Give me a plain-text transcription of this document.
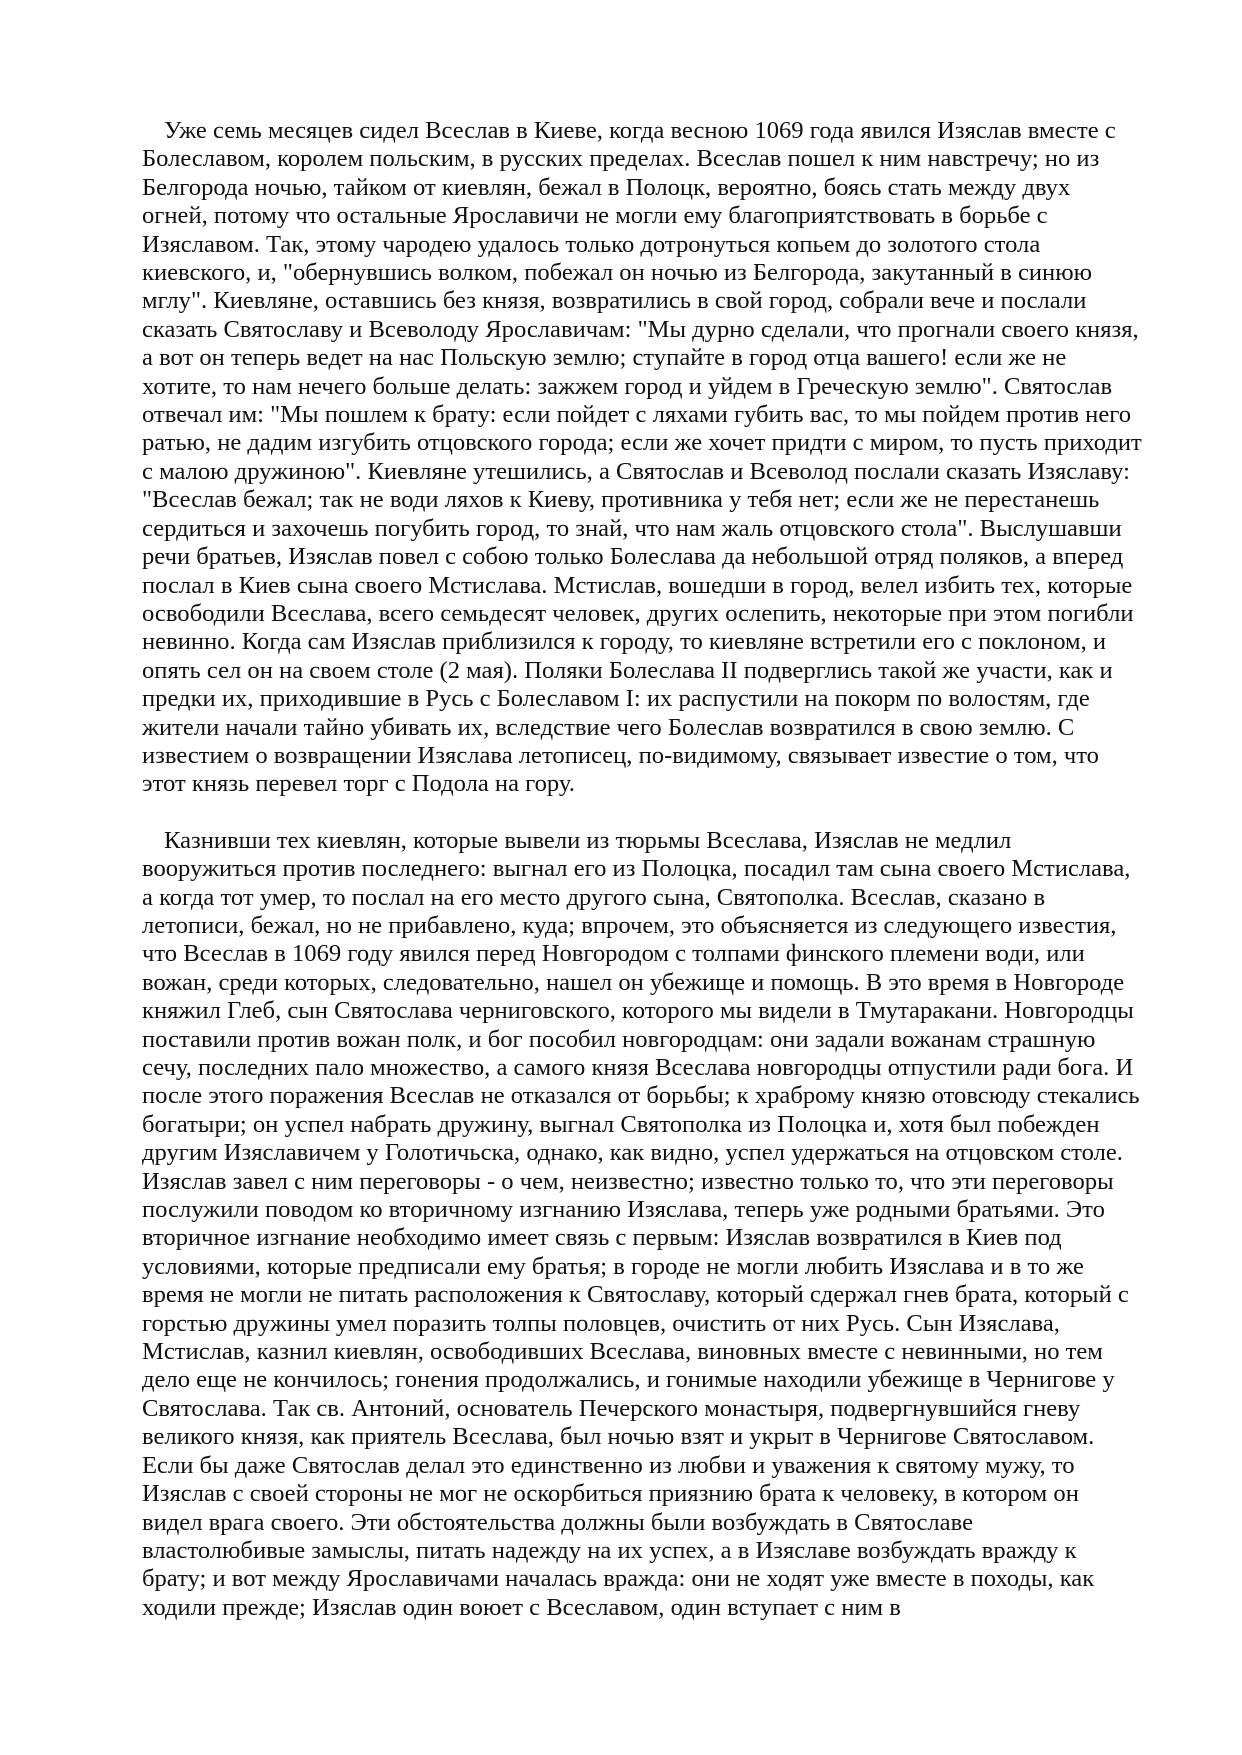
Уже семь месяцев сидел Всеслав в Киеве, когда весною 1069 года явился Изяслав вместе с Болеславом, королем польским, в русских пределах. Всеслав пошел к ним навстречу; но из Белгорода ночью, тайком от киевлян, бежал в Полоцк, вероятно, боясь стать между двух огней, потому что остальные Ярославичи не могли ему благоприятствовать в борьбе с Изяславом. Так, этому чародею удалось только дотронуться копьем до золотого стола киевского, и, "обернувшись волком, побежал он ночью из Белгорода, закутанный в синюю мглу". Киевляне, оставшись без князя, возвратились в свой город, собрали вече и послали сказать Святославу и Всеволоду Ярославичам: "Мы дурно сделали, что прогнали своего князя, а вот он теперь ведет на нас Польскую землю; ступайте в город отца вашего! если же не хотите, то нам нечего больше делать: зажжем город и уйдем в Греческую землю". Святослав отвечал им: "Мы пошлем к брату: если пойдет с ляхами губить вас, то мы пойдем против него ратью, не дадим изгубить отцовского города; если же хочет придти с миром, то пусть приходит с малою дружиною". Киевляне утешились, а Святослав и Всеволод послали сказать Изяславу: "Всеслав бежал; так не води ляхов к Киеву, противника у тебя нет; если же не перестанешь сердиться и захочешь погубить город, то знай, что нам жаль отцовского стола". Выслушавши речи братьев, Изяслав повел с собою только Болеслава да небольшой отряд поляков, а вперед послал в Киев сына своего Мстислава. Мстислав, вошедши в город, велел избить тех, которые освободили Всеслава, всего семьдесят человек, других ослепить, некоторые при этом погибли невинно. Когда сам Изяслав приблизился к городу, то киевляне встретили его с поклоном, и опять сел он на своем столе (2 мая). Поляки Болеслава II подверглись такой же участи, как и предки их, приходившие в Русь с Болеславом I: их распустили на покорм по волостям, где жители начали тайно убивать их, вследствие чего Болеслав возвратился в свою землю. С известием о возвращении Изяслава летописец, по-видимому, связывает известие о том, что этот князь перевел торг с Подола на гору.

Казнивши тех киевлян, которые вывели из тюрьмы Всеслава, Изяслав не медлил вооружиться против последнего: выгнал его из Полоцка, посадил там сына своего Мстислава, а когда тот умер, то послал на его место другого сына, Святополка. Всеслав, сказано в летописи, бежал, но не прибавлено, куда; впрочем, это объясняется из следующего известия, что Всеслав в 1069 году явился перед Новгородом с толпами финского племени води, или вожан, среди которых, следовательно, нашел он убежище и помощь. В это время в Новгороде княжил Глеб, сын Святослава черниговского, которого мы видели в Тмутаракани. Новгородцы поставили против вожан полк, и бог пособил новгородцам: они задали вожанам страшную сечу, последних пало множество, а самого князя Всеслава новгородцы отпустили ради бога. И после этого поражения Всеслав не отказался от борьбы; к храброму князю отовсюду стекались богатыри; он успел набрать дружину, выгнал Святополка из Полоцка и, хотя был побежден другим Изяславичем у Голотичьска, однако, как видно, успел удержаться на отцовском столе. Изяслав завел с ним переговоры - о чем, неизвестно; известно только то, что эти переговоры послужили поводом ко вторичному изгнанию Изяслава, теперь уже родными братьями. Это вторичное изгнание необходимо имеет связь с первым: Изяслав возвратился в Киев под условиями, которые предписали ему братья; в городе не могли любить Изяслава и в то же время не могли не питать расположения к Святославу, который сдержал гнев брата, который с горстью дружины умел поразить толпы половцев, очистить от них Русь. Сын Изяслава, Мстислав, казнил киевлян, освободивших Всеслава, виновных вместе с невинными, но тем дело еще не кончилось; гонения продолжались, и гонимые находили убежище в Чернигове у Святослава. Так св. Антоний, основатель Печерского монастыря, подвергнувшийся гневу великого князя, как приятель Всеслава, был ночью взят и укрыт в Чернигове Святославом. Если бы даже Святослав делал это единственно из любви и уважения к святому мужу, то Изяслав с своей стороны не мог не оскорбиться приязнию брата к человеку, в котором он видел врага своего. Эти обстоятельства должны были возбуждать в Святославе властолюбивые замыслы, питать надежду на их успех, а в Изяславе возбуждать вражду к брату; и вот между Ярославичами началась вражда: они не ходят уже вместе в походы, как ходили прежде; Изяслав один воюет с Всеславом, один вступает с ним в
